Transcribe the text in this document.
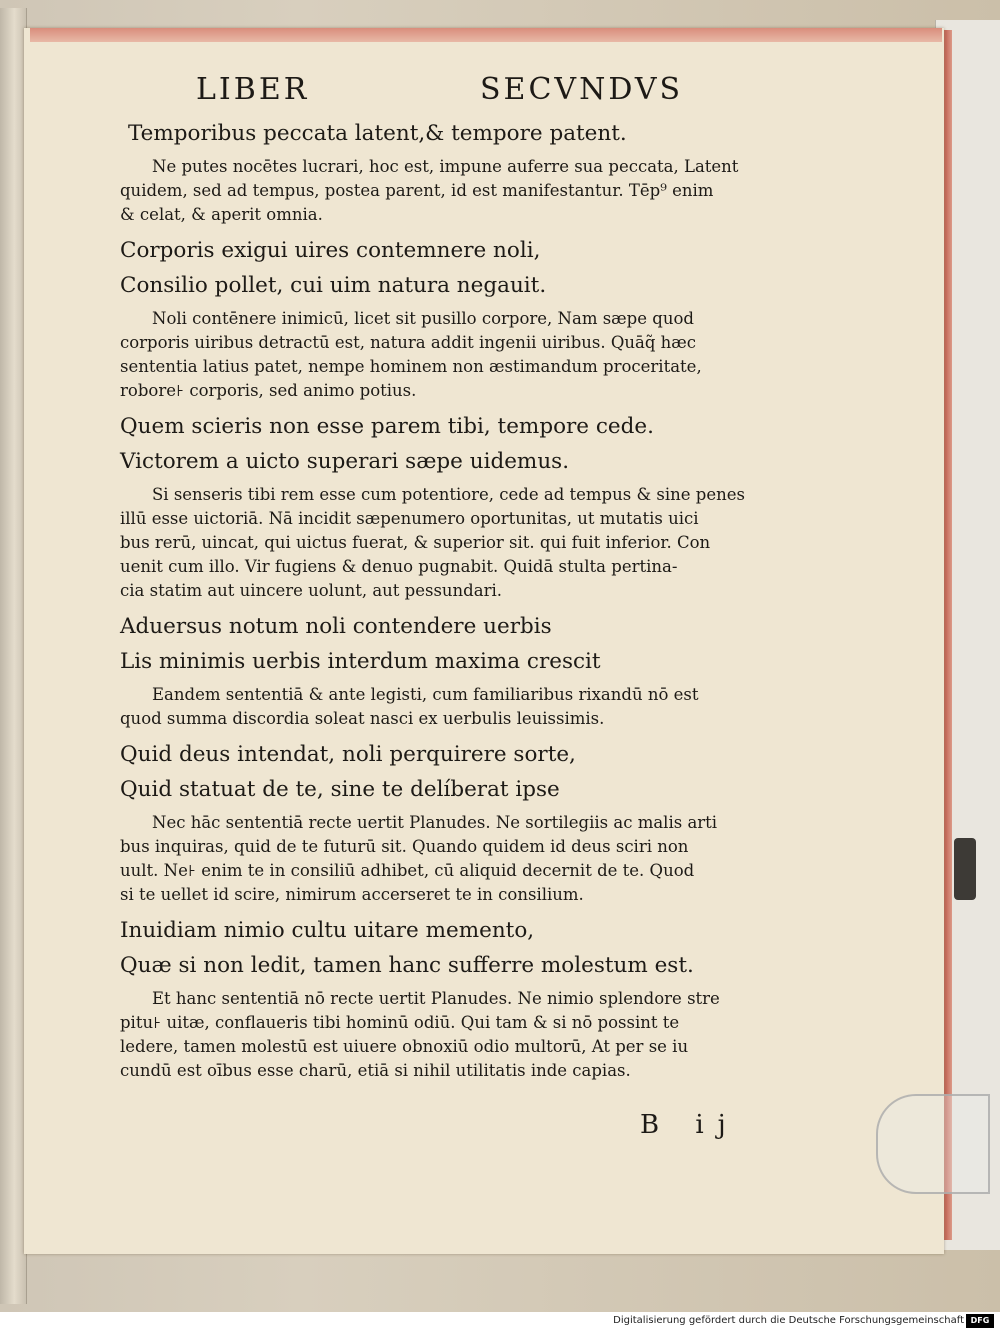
LIBER	SECVNDVS

Temporibus peccata latent,& tempore patent.

Ne putes nocētes lucrari, hoc est, impune auferre sua peccata, Latent
quidem, sed ad tempus, postea parent, id est manifestantur. Tēp⁹ enim
& celat, & aperit omnia.

Corporis exigui uires contemnere noli,

Consilio pollet, cui uim natura negauit.

Noli contēnere inimicū, licet sit pusillo corpore, Nam sæpe quod
corporis uiribus detractū est, natura addit ingenii uiribus. Quāq̃ hæc
sententia latius patet, nempe hominem non æstimandum proceritate,
robore꜔ corporis, sed animo potius.

Quem scieris non esse parem tibi, tempore cede.

Victorem a uicto superari sæpe uidemus.

Si senseris tibi rem esse cum potentiore, cede ad tempus & sine penes
illū esse uictoriā. Nā incidit sæpenumero oportunitas, ut mutatis uici
bus rerū, uincat, qui uictus fuerat, & superior sit. qui fuit inferior. Con
uenit cum illo. Vir fugiens & denuo pugnabit. Quidā stulta pertina-
cia statim aut uincere uolunt, aut pessundari.

Aduersus notum noli contendere uerbis

Lis minimis uerbis interdum maxima crescit

Eandem sententiā & ante legisti, cum familiaribus rixandū nō est
quod summa discordia soleat nasci ex uerbulis leuissimis.

Quid deus intendat, noli perquirere sorte,

Quid statuat de te, sine te delíberat ipse

Nec hāc sententiā recte uertit Planudes. Ne sortilegiis ac malis arti
bus inquiras, quid de te futurū sit. Quando quidem id deus sciri non
uult. Ne꜔ enim te in consiliū adhibet, cū aliquid decernit de te. Quod
si te uellet id scire, nimirum accerseret te in consilium.

Inuidiam nimio cultu uitare memento,

Quæ si non ledit, tamen hanc sufferre molestum est.

Et hanc sententiā nō recte uertit Planudes. Ne nimio splendore stre
pitu꜔ uitæ, conflaueris tibi hominū odiū. Qui tam & si nō possint te
ledere, tamen molestū est uiuere obnoxiū odio multorū, At per se iu
cundū est oībus esse charū, etiā si nihil utilitatis inde capias.
B ij
Digitalisierung gefördert durch die Deutsche Forschungsgemeinschaft DFG
